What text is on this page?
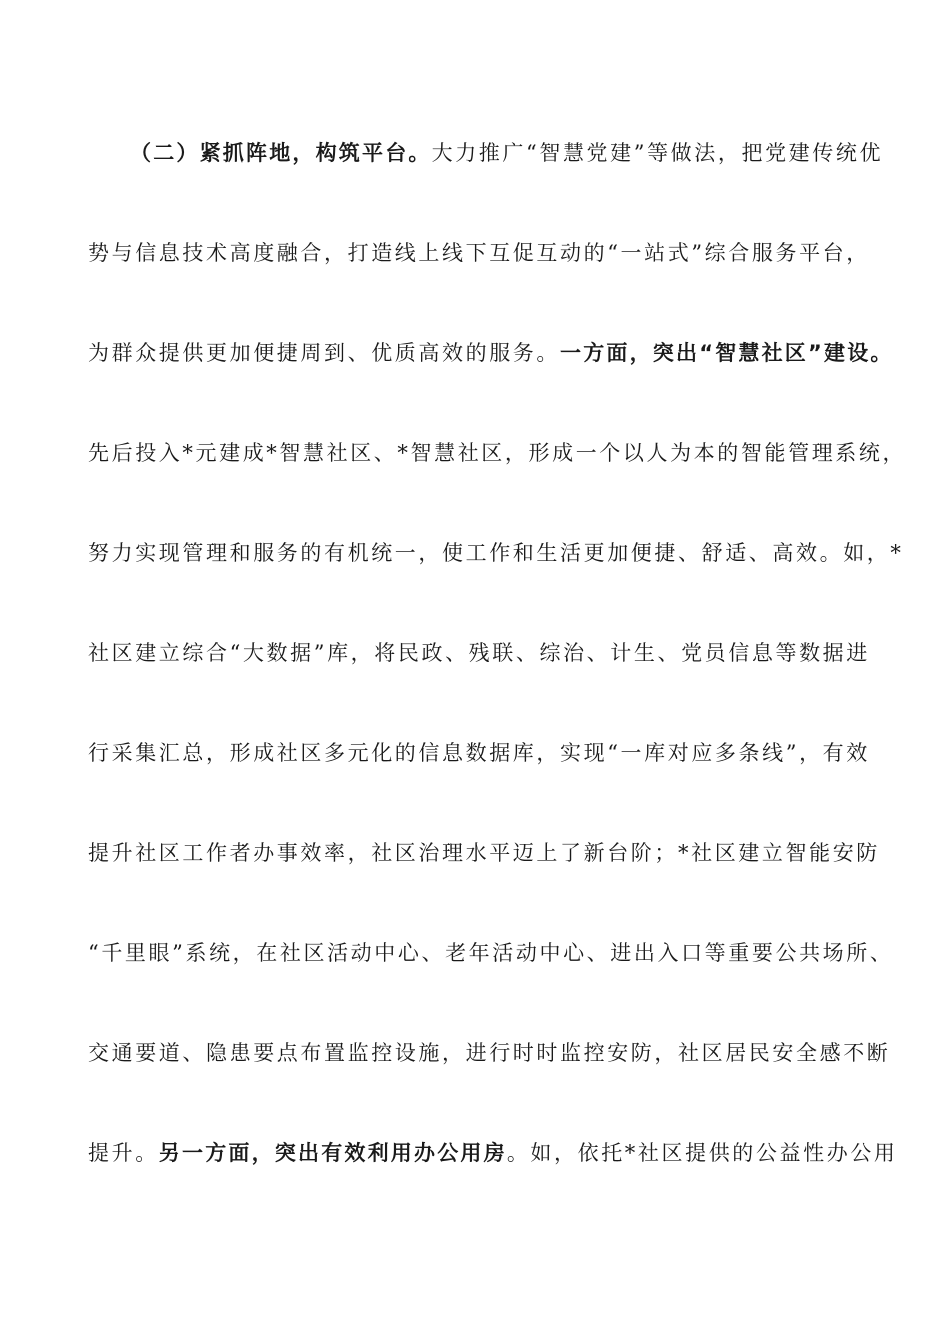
（二）紧抓阵地，构筑平台。大力推广“智慧党建”等做法，把党建传统优
势与信息技术高度融合，打造线上线下互促互动的“一站式”综合服务平台，
为群众提供更加便捷周到、优质高效的服务。一方面，突出“智慧社区”建设。
先后投入*元建成*智慧社区、*智慧社区，形成一个以人为本的智能管理系统，
努力实现管理和服务的有机统一，使工作和生活更加便捷、舒适、高效。如，*
社区建立综合“大数据”库，将民政、残联、综治、计生、党员信息等数据进
行采集汇总，形成社区多元化的信息数据库，实现“一库对应多条线”，有效
提升社区工作者办事效率，社区治理水平迈上了新台阶；*社区建立智能安防
“千里眼”系统，在社区活动中心、老年活动中心、进出入口等重要公共场所、
交通要道、隐患要点布置监控设施，进行时时监控安防，社区居民安全感不断
提升。另一方面，突出有效利用办公用房。如，依托*社区提供的公益性办公用
